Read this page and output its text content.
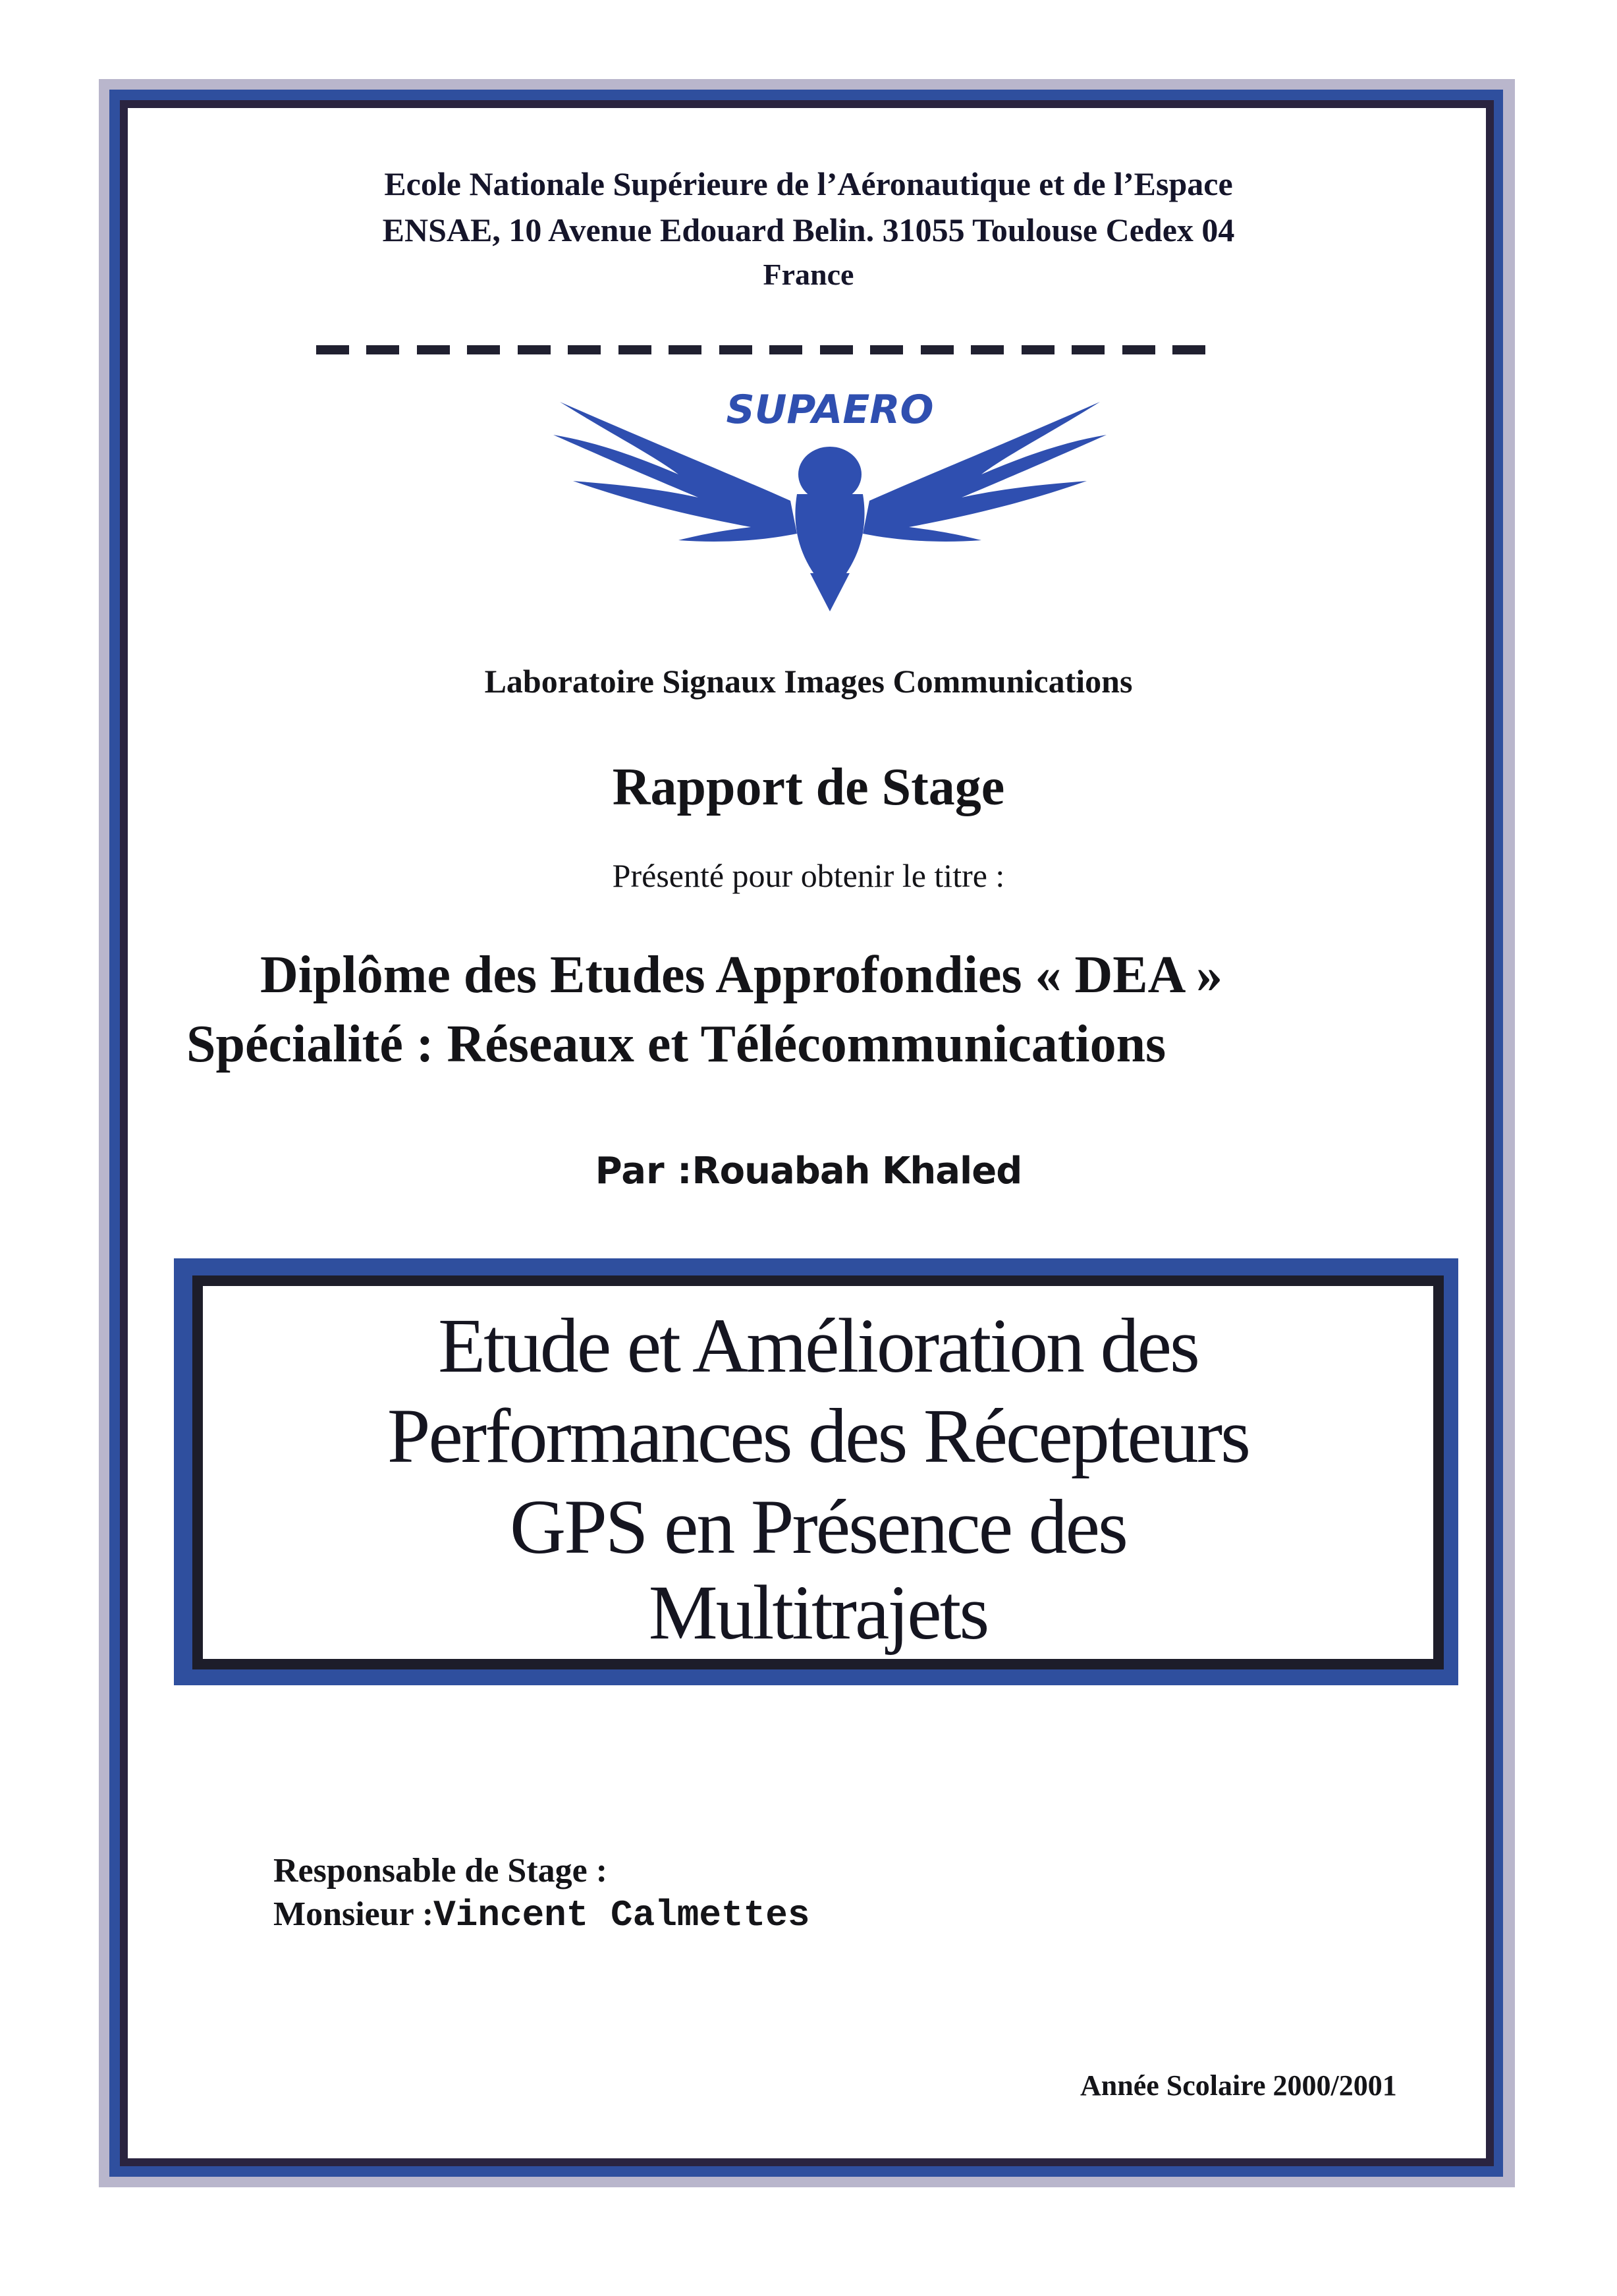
Ecole Nationale Supérieure de l’Aéronautique et de l’Espace
ENSAE, 10 Avenue Edouard Belin. 31055 Toulouse Cedex 04
France
SUPAERO
Laboratoire Signaux Images Communications
Rapport de Stage
Présenté pour obtenir le titre :
Diplôme des Etudes Approfondies « DEA »
Spécialité : Réseaux et Télécommunications
Par :Rouabah Khaled
Etude et Amélioration des
Performances des Récepteurs
GPS en Présence des
Multitrajets
Responsable de Stage :
Monsieur :Vincent Calmettes
Année Scolaire 2000/2001
